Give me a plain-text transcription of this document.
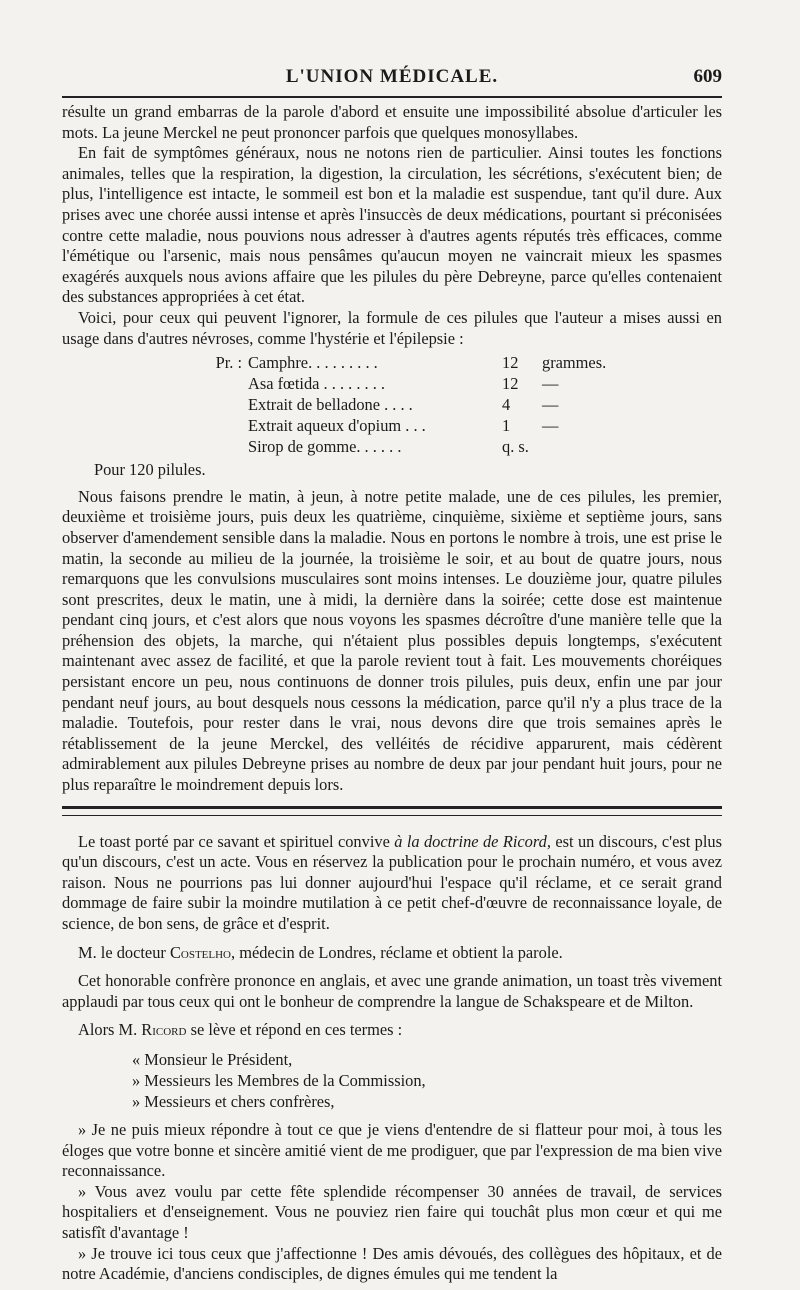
L'UNION MÉDICALE.	609

résulte un grand embarras de la parole d'abord et ensuite une impossibilité absolue d'articuler les mots. La jeune Merckel ne peut prononcer parfois que quelques monosyllabes.

En fait de symptômes généraux, nous ne notons rien de particulier. Ainsi toutes les fonctions animales, telles que la respiration, la digestion, la circulation, les sécrétions, s'exécutent bien; de plus, l'intelligence est intacte, le sommeil est bon et la maladie est suspendue, tant qu'il dure. Aux prises avec une chorée aussi intense et après l'insuccès de deux médications, pourtant si préconisées contre cette maladie, nous pouvions nous adresser à d'autres agents réputés très efficaces, comme l'émétique ou l'arsenic, mais nous pensâmes qu'aucun moyen ne vaincrait mieux les spasmes exagérés auxquels nous avions affaire que les pilules du père Debreyne, parce qu'elles contenaient des substances appropriées à cet état.

Voici, pour ceux qui peuvent l'ignorer, la formule de ces pilules que l'auteur a mises aussi en usage dans d'autres névroses, comme l'hystérie et l'épilepsie :

Pr. : Camphre. . . . . . . . .	12	grammes.
Asa fœtida . . . . . . . .	12	—
Extrait de belladone . . . .	4	—
Extrait aqueux d'opium . . .	1	—
Sirop de gomme. . . . . .	q. s.
Pour 120 pilules.

Nous faisons prendre le matin, à jeun, à notre petite malade, une de ces pilules, les premier, deuxième et troisième jours, puis deux les quatrième, cinquième, sixième et septième jours, sans observer d'amendement sensible dans la maladie. Nous en portons le nombre à trois, une est prise le matin, la seconde au milieu de la journée, la troisième le soir, et au bout de quatre jours, nous remarquons que les convulsions musculaires sont moins intenses. Le douzième jour, quatre pilules sont prescrites, deux le matin, une à midi, la dernière dans la soirée; cette dose est maintenue pendant cinq jours, et c'est alors que nous voyons les spasmes décroître d'une manière telle que la préhension des objets, la marche, qui n'étaient plus possibles depuis longtemps, s'exécutent maintenant avec assez de facilité, et que la parole revient tout à fait. Les mouvements choréiques persistant encore un peu, nous continuons de donner trois pilules, puis deux, enfin une par jour pendant neuf jours, au bout desquels nous cessons la médication, parce qu'il n'y a plus trace de la maladie. Toutefois, pour rester dans le vrai, nous devons dire que trois semaines après le rétablissement de la jeune Merckel, des velléités de récidive apparurent, mais cédèrent admirablement aux pilules Debreyne prises au nombre de deux par jour pendant huit jours, pour ne plus reparaître le moindrement depuis lors.

Le toast porté par ce savant et spirituel convive à la doctrine de Ricord, est un discours, c'est plus qu'un discours, c'est un acte. Vous en réservez la publication pour le prochain numéro, et vous avez raison. Nous ne pourrions pas lui donner aujourd'hui l'espace qu'il réclame, et ce serait grand dommage de faire subir la moindre mutilation à ce petit chef-d'œuvre de reconnaissance loyale, de science, de bon sens, de grâce et d'esprit.

M. le docteur Costelho, médecin de Londres, réclame et obtient la parole.

Cet honorable confrère prononce en anglais, et avec une grande animation, un toast très vivement applaudi par tous ceux qui ont le bonheur de comprendre la langue de Schakspeare et de Milton.

Alors M. Ricord se lève et répond en ces termes :

« Monsieur le Président,
» Messieurs les Membres de la Commission,
» Messieurs et chers confrères,

» Je ne puis mieux répondre à tout ce que je viens d'entendre de si flatteur pour moi, à tous les éloges que votre bonne et sincère amitié vient de me prodiguer, que par l'expression de ma bien vive reconnaissance.

» Vous avez voulu par cette fête splendide récompenser 30 années de travail, de services hospitaliers et d'enseignement. Vous ne pouviez rien faire qui touchât plus mon cœur et qui me satisfît d'avantage !

» Je trouve ici tous ceux que j'affectionne ! Des amis dévoués, des collègues des hôpitaux, et de notre Académie, d'anciens condisciples, de dignes émules qui me tendent la
